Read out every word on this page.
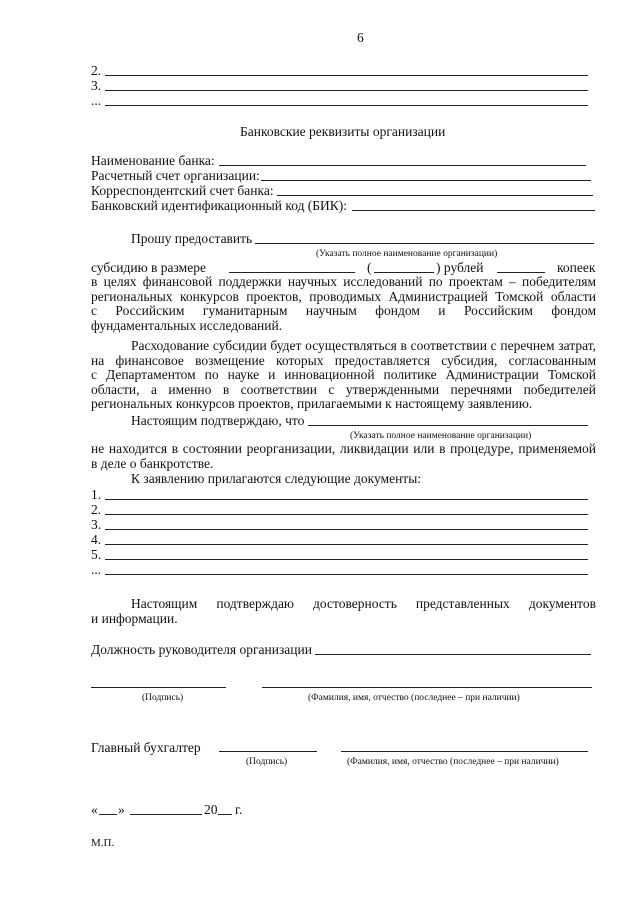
6
2.
3.
...
Банковские реквизиты организации
Наименование банка:
Расчетный счет организации:
Корреспондентский счет банка:
Банковский идентификационный код (БИК):
Прошу предоставить
(Указать полное наименование организации)
субсидию в размере	(	) рублей	копеек
в целях финансовой поддержки научных исследований по проектам – победителям
региональных конкурсов проектов, проводимых Администрацией Томской области
с Российским гуманитарным научным фондом и Российским фондом
фундаментальных исследований.
Расходование субсидии будет осуществляться в соответствии с перечнем затрат,
на финансовое возмещение которых предоставляется субсидия, согласованным
с Департаментом по науке и инновационной политике Администрации Томской
области, а именно в соответствии с утвержденными перечнями победителей
региональных конкурсов проектов, прилагаемыми к настоящему заявлению.
Настоящим подтверждаю, что
(Указать полное наименование организации)
не находится в состоянии реорганизации, ликвидации или в процедуре, применяемой
в деле о банкротстве.
К заявлению прилагаются следующие документы:
1.
2.
3.
4.
5.
...
Настоящим подтверждаю достоверность представленных документов
и информации.
Должность руководителя организации
(Подпись)	(Фамилия, имя, отчество (последнее – при наличии)
Главный бухгалтер
(Подпись)	(Фамилия, имя, отчество (последнее – при наличии)
« »	20 г.
М.П.
